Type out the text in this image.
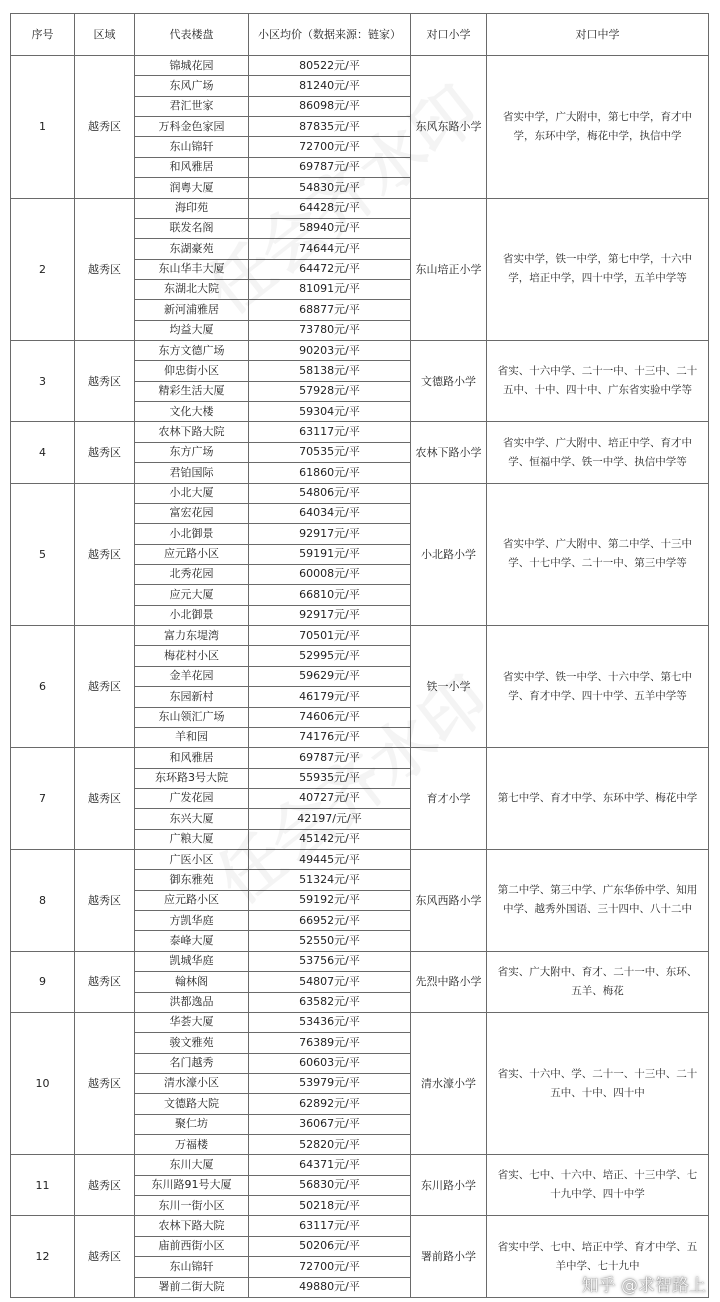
序号	区域	代表楼盘	小区均价（数据来源：链家）	对口小学	对口中学
1	越秀区	锦城花园	80522元/平	东风东路小学	省实中学，广大附中，第七中学，育才中学，东环中学，梅花中学，执信中学
		东风广场	81240元/平		
		君汇世家	86098元/平		
		万科金色家园	87835元/平		
		东山锦轩	72700元/平		
		和风雅居	69787元/平		
		润粤大厦	54830元/平		
2	越秀区	海印苑	64428元/平	东山培正小学	省实中学，铁一中学，第七中学，十六中学，培正中学，四十中学，五羊中学等
		联发名阁	58940元/平		
		东湖豪苑	74644元/平		
		东山华丰大厦	64472元/平		
		东湖北大院	81091元/平		
		新河浦雅居	68877元/平		
		均益大厦	73780元/平		
3	越秀区	东方文德广场	90203元/平	文德路小学	省实、十六中学、二十一中、十三中、二十五中、十中、四十中、广东省实验中学等
		仰忠街小区	58138元/平		
		精彩生活大厦	57928元/平		
		文化大楼	59304元/平		
4	越秀区	农林下路大院	63117元/平	农林下路小学	省实中学、广大附中、培正中学、育才中学、恒福中学、铁一中学、执信中学等
		东方广场	70535元/平		
		君铂国际	61860元/平		
5	越秀区	小北大厦	54806元/平	小北路小学	省实中学、广大附中、第二中学、十三中学、十七中学、二十一中、第三中学等
		富宏花园	64034元/平		
		小北御景	92917元/平		
		应元路小区	59191元/平		
		北秀花园	60008元/平		
		应元大厦	66810元/平		
		小北御景	92917元/平		
6	越秀区	富力东堤湾	70501元/平	铁一小学	省实中学、铁一中学、十六中学、第七中学、育才中学、四十中学、五羊中学等
		梅花村小区	52995元/平		
		金羊花园	59629元/平		
		东园新村	46179元/平		
		东山领汇广场	74606元/平		
		羊和园	74176元/平		
7	越秀区	和风雅居	69787元/平	育才小学	第七中学、育才中学、东环中学、梅花中学
		东环路3号大院	55935元/平		
		广发花园	40727元/平		
		东兴大厦	42197/元/平		
		广粮大厦	45142元/平		
8	越秀区	广医小区	49445元/平	东风西路小学	第二中学、第三中学、广东华侨中学、知用中学、越秀外国语、三十四中、八十二中
		御东雅苑	51324元/平		
		应元路小区	59192元/平		
		方凯华庭	66952元/平		
		泰峰大厦	52550元/平		
9	越秀区	凯城华庭	53756元/平	先烈中路小学	省实、广大附中、育才、二十一中、东环、五羊、梅花
		翰林阁	54807元/平		
		洪都逸品	63582元/平		
10	越秀区	华荟大厦	53436元/平	清水濠小学	省实、十六中、学、二十一、十三中、二十五中、十中、四十中
		骏文雅苑	76389元/平		
		名门越秀	60603元/平		
		清水濠小区	53979元/平		
		文德路大院	62892元/平		
		聚仁坊	36067元/平		
		万福楼	52820元/平		
11	越秀区	东川大厦	64371元/平	东川路小学	省实、七中、十六中、培正、十三中学、七十九中学、四十中学
		东川路91号大厦	56830元/平		
		东川一街小区	50218元/平		
12	越秀区	农林下路大院	63117元/平	署前路小学	省实中学、七中、培正中学、育才中学、五羊中学、七十九中
		庙前西街小区	50206元/平		
		东山锦轩	72700元/平		
		署前二街大院	49880元/平			知乎 @求智路上
